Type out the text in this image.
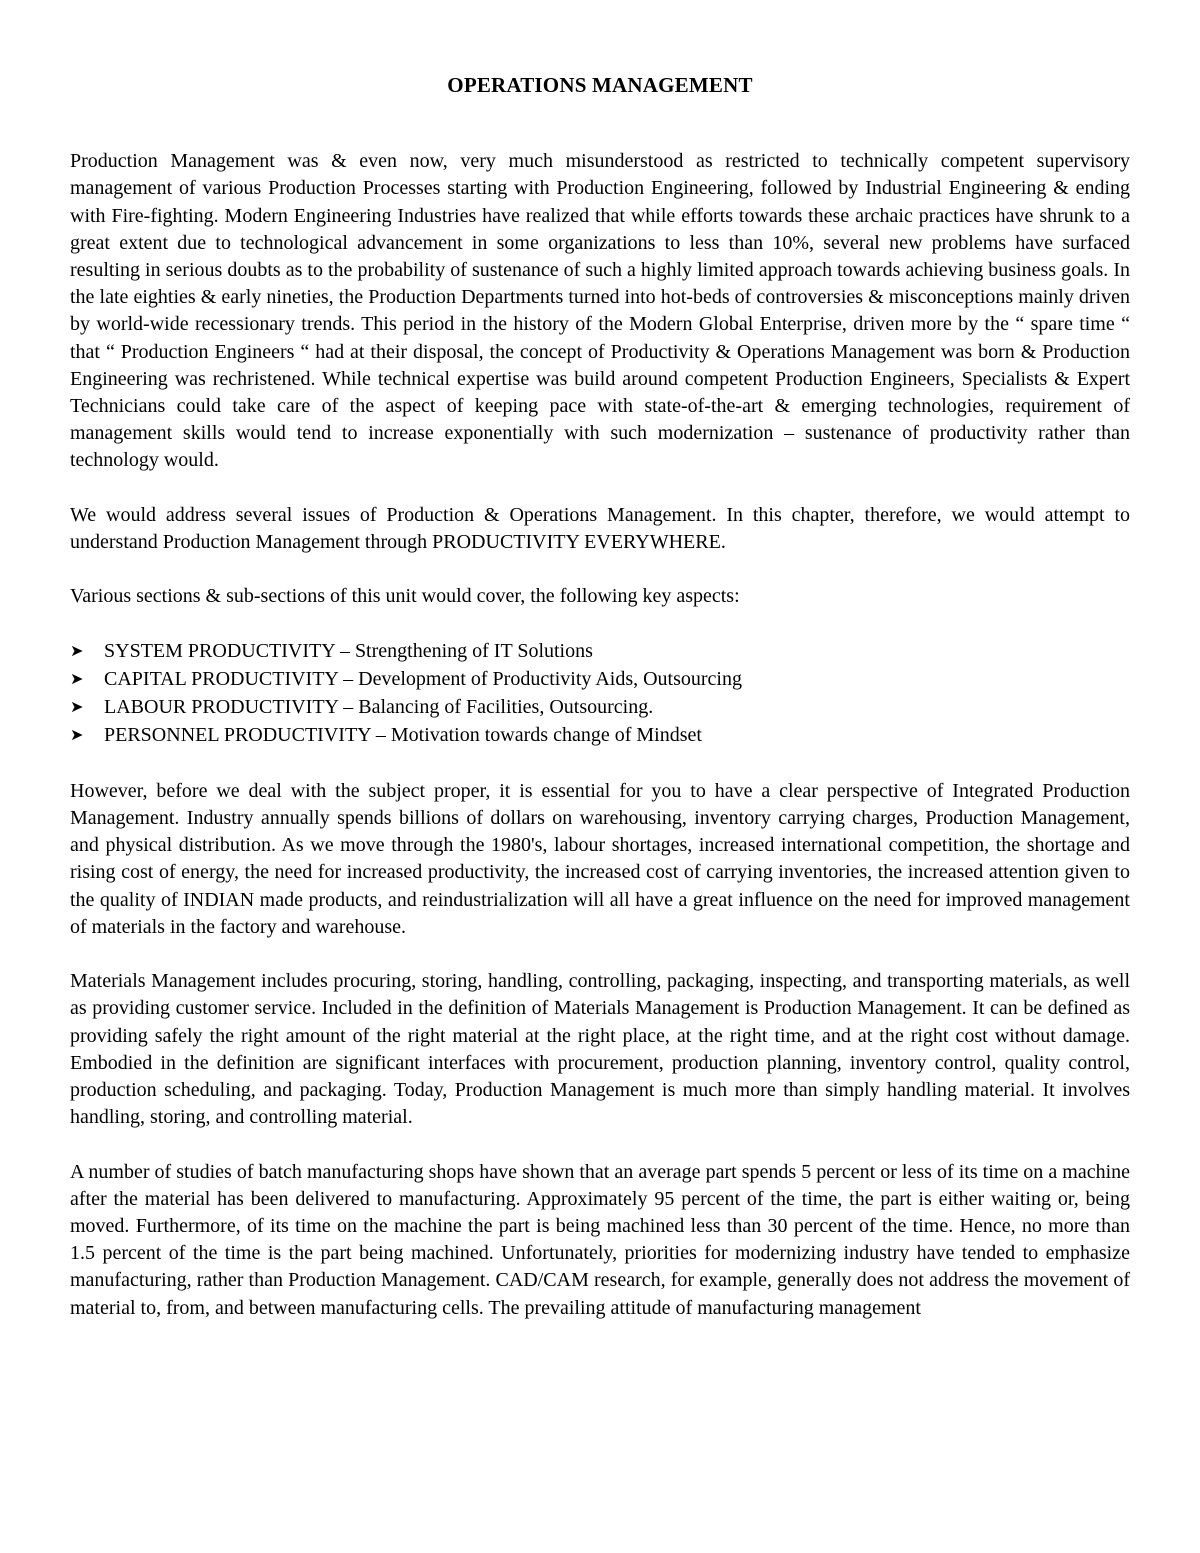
OPERATIONS MANAGEMENT

Production Management was & even now, very much misunderstood as restricted to technically competent supervisory management of various Production Processes starting with Production Engineering, followed by Industrial Engineering & ending with Fire-fighting. Modern Engineering Industries have realized that while efforts towards these archaic practices have shrunk to a great extent due to technological advancement in some organizations to less than 10%, several new problems have surfaced resulting in serious doubts as to the probability of sustenance of such a highly limited approach towards achieving business goals. In the late eighties & early nineties, the Production Departments turned into hot-beds of controversies & misconceptions mainly driven by world-wide recessionary trends. This period in the history of the Modern Global Enterprise, driven more by the “ spare time “ that “ Production Engineers “ had at their disposal, the concept of Productivity & Operations Management was born & Production Engineering was rechristened. While technical expertise was build around competent Production Engineers, Specialists & Expert Technicians could take care of the aspect of keeping pace with state-of-the-art & emerging technologies, requirement of management skills would tend to increase exponentially with such modernization – sustenance of productivity rather than technology would.

We would address several issues of Production & Operations Management. In this chapter, therefore, we would attempt to understand Production Management through PRODUCTIVITY EVERYWHERE.

Various sections & sub-sections of this unit would cover, the following key aspects:

➤	SYSTEM PRODUCTIVITY – Strengthening of IT Solutions
➤	CAPITAL PRODUCTIVITY – Development of Productivity Aids, Outsourcing
➤	LABOUR PRODUCTIVITY – Balancing of Facilities, Outsourcing.
➤	PERSONNEL PRODUCTIVITY – Motivation towards change of Mindset

However, before we deal with the subject proper, it is essential for you to have a clear perspective of Integrated Production Management. Industry annually spends billions of dollars on warehousing, inventory carrying charges, Production Management, and physical distribution. As we move through the 1980's, labour shortages, increased international competition, the shortage and rising cost of energy, the need for increased productivity, the increased cost of carrying inventories, the increased attention given to the quality of INDIAN made products, and reindustrialization will all have a great influence on the need for improved management of materials in the factory and warehouse.

Materials Management includes procuring, storing, handling, controlling, packaging, inspecting, and transporting materials, as well as providing customer service. Included in the definition of Materials Management is Production Management. It can be defined as providing safely the right amount of the right material at the right place, at the right time, and at the right cost without damage. Embodied in the definition are significant interfaces with procurement, production planning, inventory control, quality control, production scheduling, and packaging. Today, Production Management is much more than simply handling material. It involves handling, storing, and controlling material.

A number of studies of batch manufacturing shops have shown that an average part spends 5 percent or less of its time on a machine after the material has been delivered to manufacturing. Approximately 95 percent of the time, the part is either waiting or, being moved. Furthermore, of its time on the machine the part is being machined less than 30 percent of the time. Hence, no more than 1.5 percent of the time is the part being machined. Unfortunately, priorities for modernizing industry have tended to emphasize manufacturing, rather than Production Management. CAD/CAM research, for example, generally does not address the movement of material to, from, and between manufacturing cells. The prevailing attitude of manufacturing management
